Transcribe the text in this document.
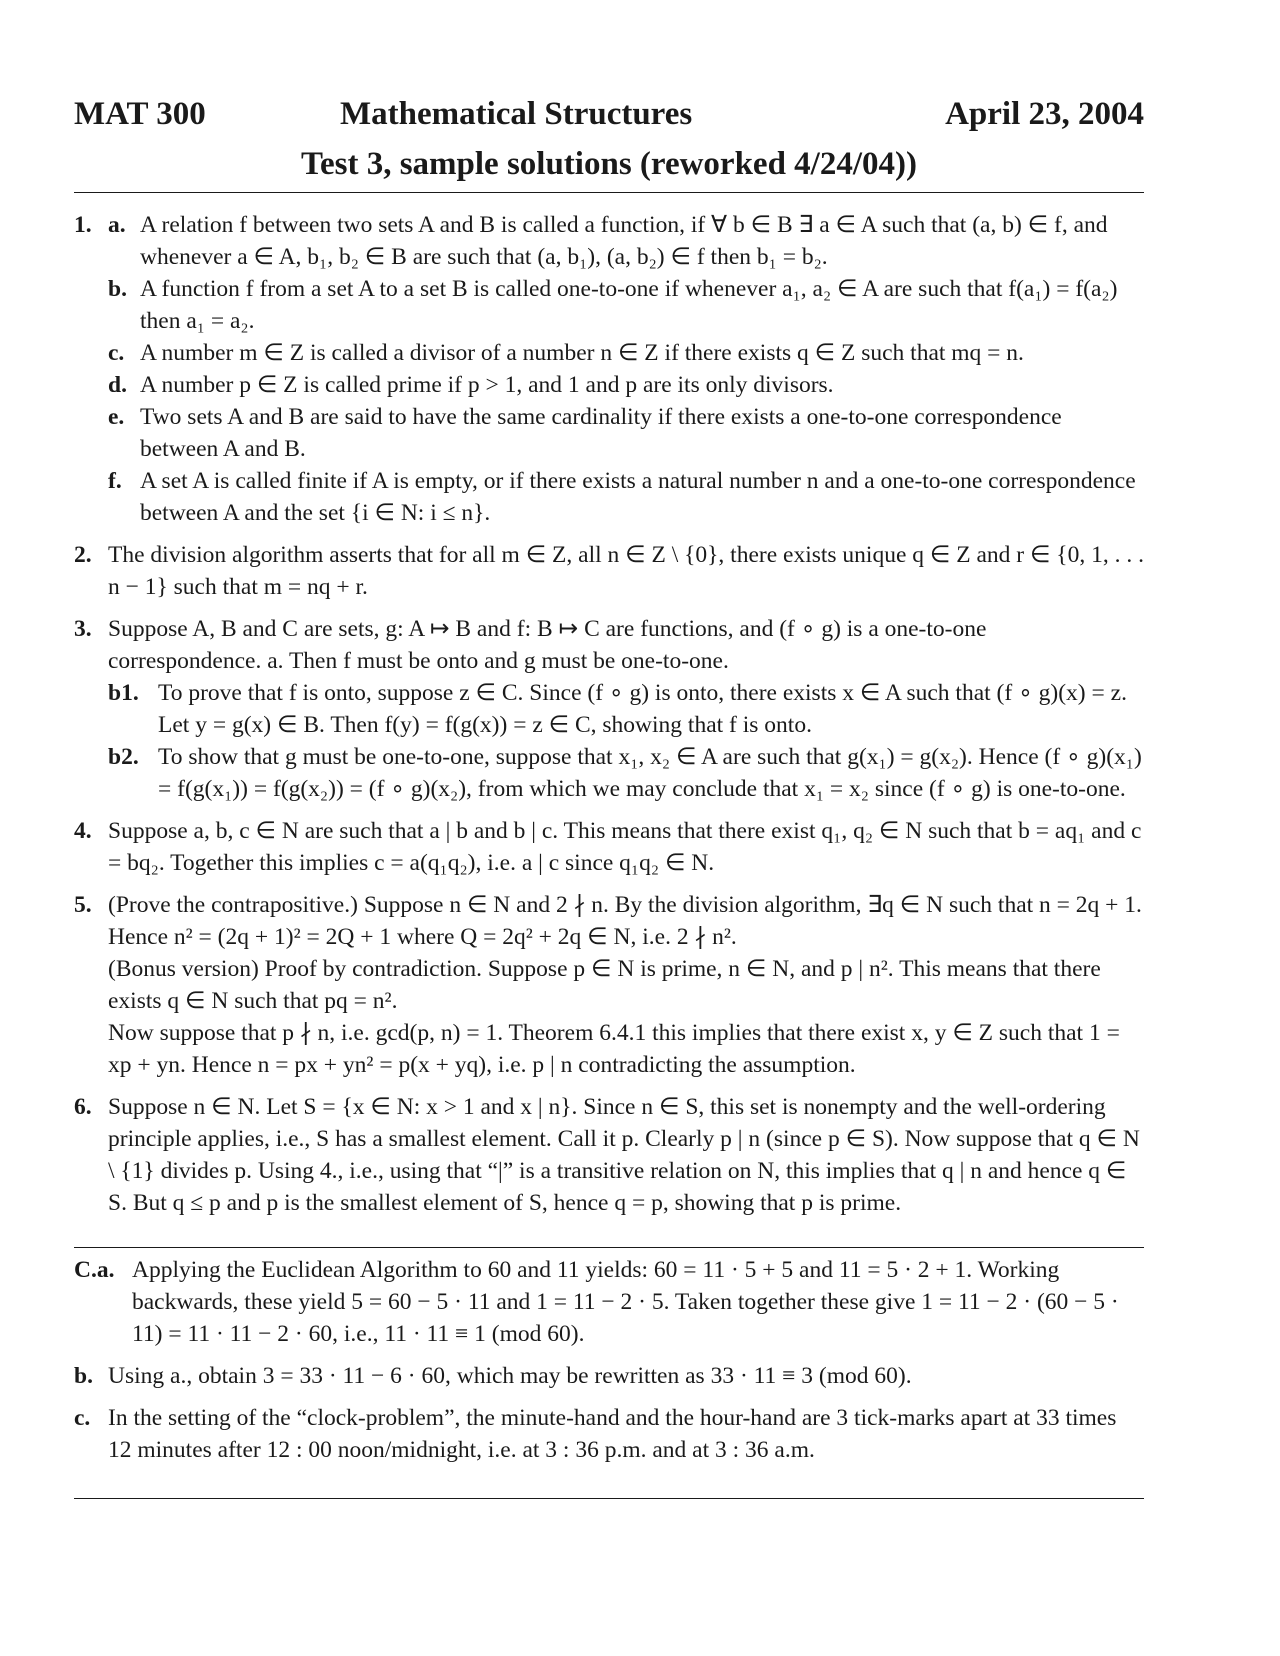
MAT 300	Mathematical Structures	April 23, 2004
Test 3, sample solutions (reworked 4/24/04))
1. a. A relation f between two sets A and B is called a function, if ∀ b ∈ B ∃ a ∈ A such that (a, b) ∈ f, and whenever a ∈ A, b₁, b₂ ∈ B are such that (a, b₁), (a, b₂) ∈ f then b₁ = b₂.

b. A function f from a set A to a set B is called one-to-one if whenever a₁, a₂ ∈ A are such that f(a₁) = f(a₂) then a₁ = a₂.

c. A number m ∈ Z is called a divisor of a number n ∈ Z if there exists q ∈ Z such that mq = n.

d. A number p ∈ Z is called prime if p > 1, and 1 and p are its only divisors.

e. Two sets A and B are said to have the same cardinality if there exists a one-to-one correspondence between A and B.

f. A set A is called finite if A is empty, or if there exists a natural number n and a one-to-one correspondence between A and the set {i ∈ N: i ≤ n}.

2. The division algorithm asserts that for all m ∈ Z, all n ∈ Z \ {0}, there exists unique q ∈ Z and r ∈ {0, 1, . . . n − 1} such that m = nq + r.

3. Suppose A, B and C are sets, g: A ↦ B and f: B ↦ C are functions, and (f ∘ g) is a one-to-one correspondence. a. Then f must be onto and g must be one-to-one.

b1. To prove that f is onto, suppose z ∈ C. Since (f ∘ g) is onto, there exists x ∈ A such that (f ∘ g)(x) = z. Let y = g(x) ∈ B. Then f(y) = f(g(x)) = z ∈ C, showing that f is onto.

b2. To show that g must be one-to-one, suppose that x₁, x₂ ∈ A are such that g(x₁) = g(x₂). Hence (f ∘ g)(x₁) = f(g(x₁)) = f(g(x₂)) = (f ∘ g)(x₂), from which we may conclude that x₁ = x₂ since (f ∘ g) is one-to-one.

4. Suppose a, b, c ∈ N are such that a | b and b | c. This means that there exist q₁, q₂ ∈ N such that b = aq₁ and c = bq₂. Together this implies c = a(q₁q₂), i.e. a | c since q₁q₂ ∈ N.

5. (Prove the contrapositive.) Suppose n ∈ N and 2 ∤ n. By the division algorithm, ∃q ∈ N such that n = 2q + 1. Hence n² = (2q + 1)² = 2Q + 1 where Q = 2q² + 2q ∈ N, i.e. 2 ∤ n².

(Bonus version) Proof by contradiction. Suppose p ∈ N is prime, n ∈ N, and p | n². This means that there exists q ∈ N such that pq = n².

Now suppose that p ∤ n, i.e. gcd(p, n) = 1. Theorem 6.4.1 this implies that there exist x, y ∈ Z such that 1 = xp + yn. Hence n = px + yn² = p(x + yq), i.e. p | n contradicting the assumption.

6. Suppose n ∈ N. Let S = {x ∈ N: x > 1 and x | n}. Since n ∈ S, this set is nonempty and the well-ordering principle applies, i.e., S has a smallest element. Call it p. Clearly p | n (since p ∈ S). Now suppose that q ∈ N \ {1} divides p. Using 4., i.e., using that “|” is a transitive relation on N, this implies that q | n and hence q ∈ S. But q ≤ p and p is the smallest element of S, hence q = p, showing that p is prime.

C.a. Applying the Euclidean Algorithm to 60 and 11 yields: 60 = 11 · 5 + 5 and 11 = 5 · 2 + 1. Working backwards, these yield 5 = 60 − 5 · 11 and 1 = 11 − 2 · 5. Taken together these give 1 = 11 − 2 · (60 − 5 · 11) = 11 · 11 − 2 · 60, i.e., 11 · 11 ≡ 1 (mod 60).

b. Using a., obtain 3 = 33 · 11 − 6 · 60, which may be rewritten as 33 · 11 ≡ 3 (mod 60).

c. In the setting of the “clock-problem”, the minute-hand and the hour-hand are 3 tick-marks apart at 33 times 12 minutes after 12 : 00 noon/midnight, i.e. at 3 : 36 p.m. and at 3 : 36 a.m.
